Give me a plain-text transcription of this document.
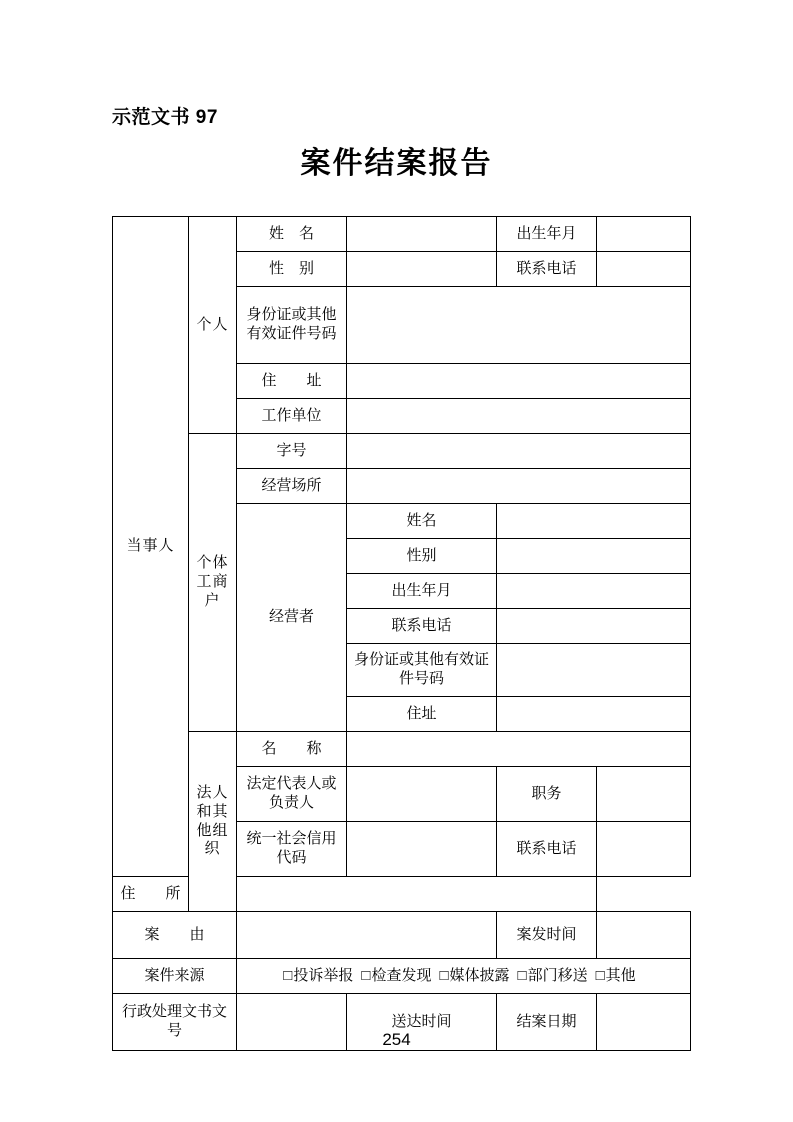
示范文书 97
案件结案报告
当事人	个人	姓　名		出生年月	
		性　别		联系电话	
		身份证或其他有效证件号码			
		住　　址			
		工作单位			

	个体工商户	字号			
		经营场所			
		经营者	姓名		
			性别		
			出生年月		
			联系电话		
			身份证或其他有效证件号码		
			住址		

	法人和其他组织	名　　称			
		法定代表人或负责人		职务	
		统一社会信用代码		联系电话	
住　　所					
案　　由				案发时间	
案件来源		□投诉举报 □检查发现 □媒体披露 □部门移送 □其他			
行政处理文书文号			送达时间	结案日期	
254
